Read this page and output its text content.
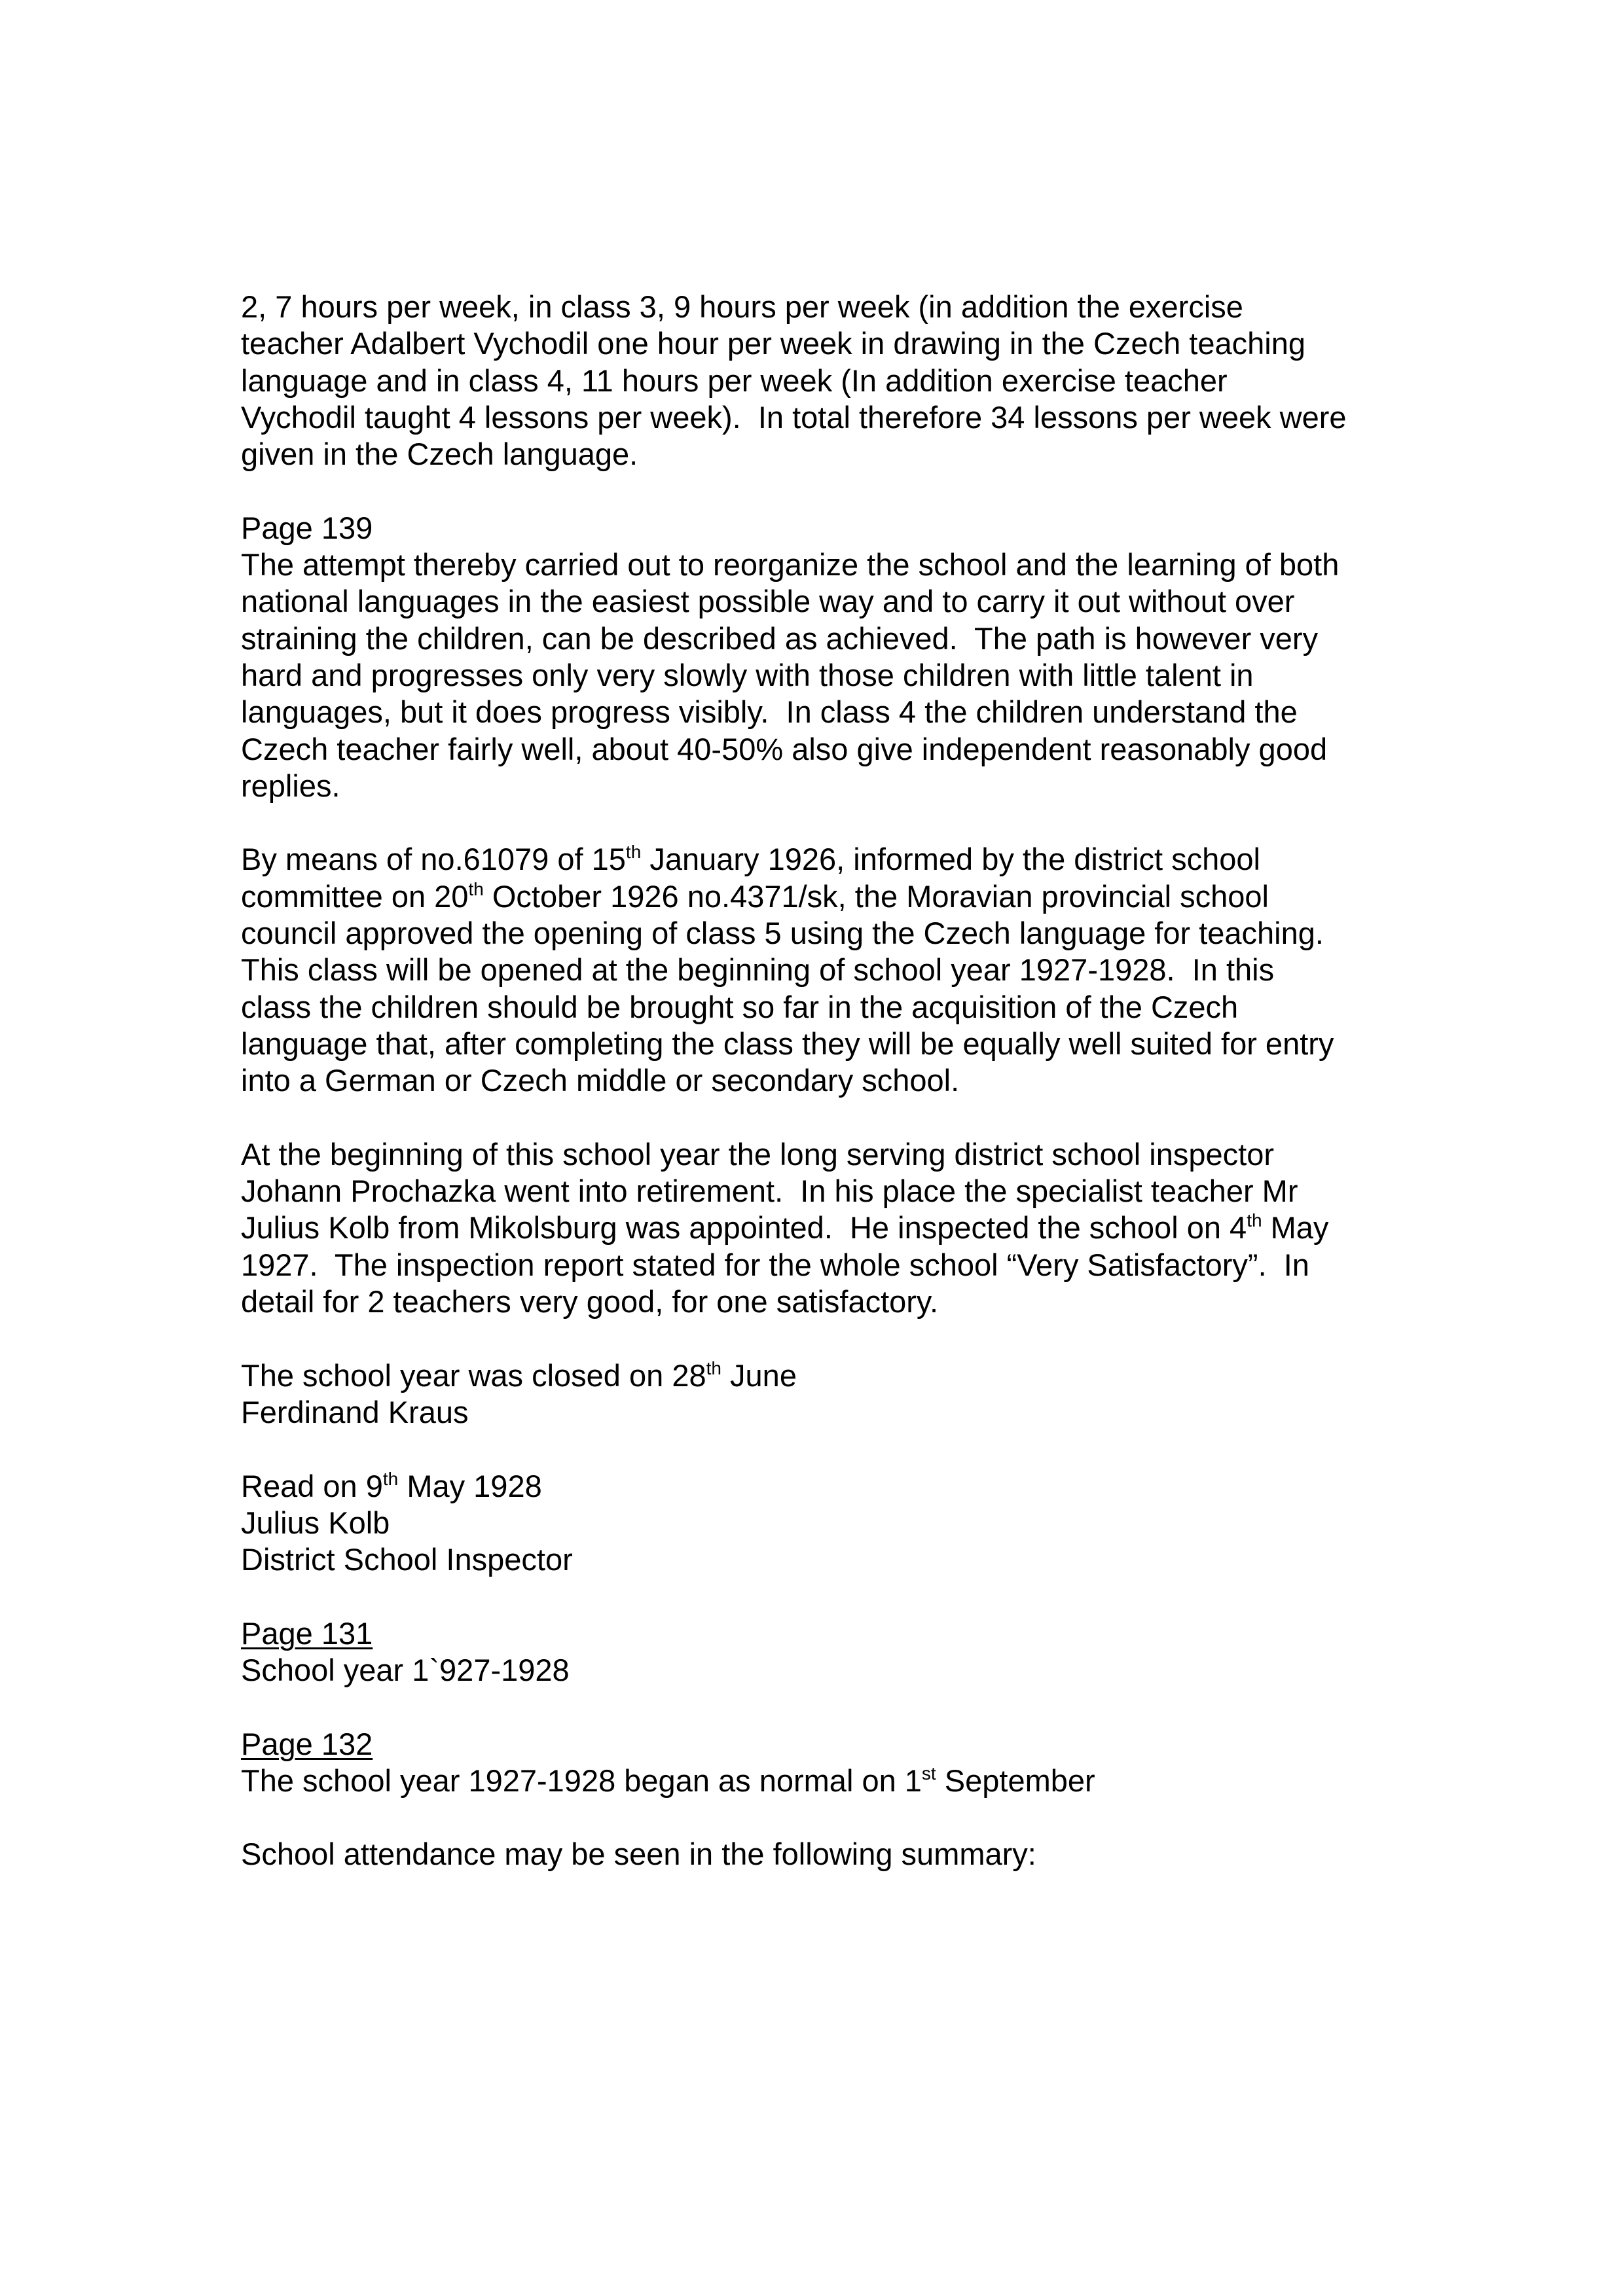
2, 7 hours per week, in class 3, 9 hours per week (in addition the exercise
teacher Adalbert Vychodil one hour per week in drawing in the Czech teaching
language and in class 4, 11 hours per week (In addition exercise teacher
Vychodil taught 4 lessons per week).  In total therefore 34 lessons per week were
given in the Czech language.
Page 139
The attempt thereby carried out to reorganize the school and the learning of both
national languages in the easiest possible way and to carry it out without over
straining the children, can be described as achieved.  The path is however very
hard and progresses only very slowly with those children with little talent in
languages, but it does progress visibly.  In class 4 the children understand the
Czech teacher fairly well, about 40-50% also give independent reasonably good
replies.
By means of no.61079 of 15th January 1926, informed by the district school
committee on 20th October 1926 no.4371/sk, the Moravian provincial school
council approved the opening of class 5 using the Czech language for teaching.
This class will be opened at the beginning of school year 1927-1928.  In this
class the children should be brought so far in the acquisition of the Czech
language that, after completing the class they will be equally well suited for entry
into a German or Czech middle or secondary school.
At the beginning of this school year the long serving district school inspector
Johann Prochazka went into retirement.  In his place the specialist teacher Mr
Julius Kolb from Mikolsburg was appointed.  He inspected the school on 4th May
1927.  The inspection report stated for the whole school “Very Satisfactory”.  In
detail for 2 teachers very good, for one satisfactory.
The school year was closed on 28th June
Ferdinand Kraus
Read on 9th May 1928
Julius Kolb
District School Inspector
Page 131
School year 1`927-1928
Page 132
The school year 1927-1928 began as normal on 1st September
School attendance may be seen in the following summary:
